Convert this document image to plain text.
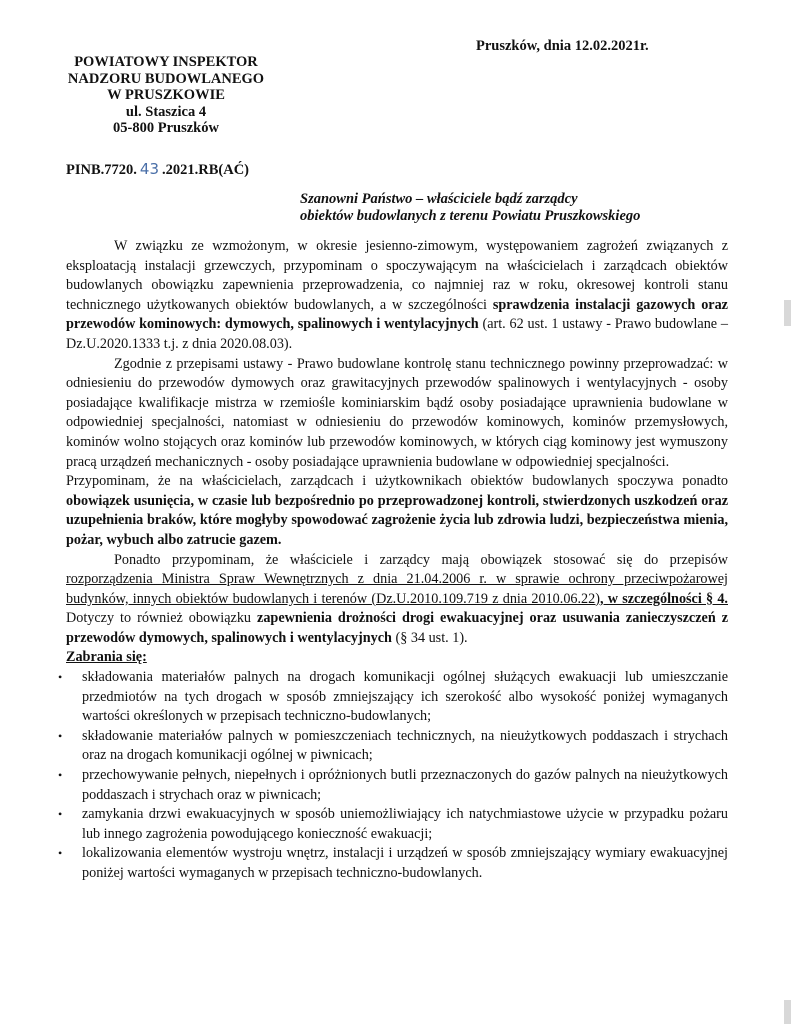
Pruszków, dnia 12.02.2021r.
POWIATOWY INSPEKTOR
NADZORU BUDOWLANEGO
W PRUSZKOWIE
ul. Staszica 4
05-800 Pruszków
PINB.7720. 43 .2021.RB(AĆ)
Szanowni Państwo – właściciele bądź zarządcy
obiektów budowlanych z terenu Powiatu Pruszkowskiego

W związku ze wzmożonym, w okresie jesienno-zimowym, występowaniem zagrożeń związanych z eksploatacją instalacji grzewczych, przypominam o spoczywającym na właścicielach i zarządcach obiektów budowlanych obowiązku zapewnienia przeprowadzenia, co najmniej raz w roku, okresowej kontroli stanu technicznego użytkowanych obiektów budowlanych, a w szczególności sprawdzenia instalacji gazowych oraz przewodów kominowych: dymowych, spalinowych i wentylacyjnych (art. 62 ust. 1 ustawy - Prawo budowlane – Dz.U.2020.1333 t.j. z dnia 2020.08.03).

Zgodnie z przepisami ustawy - Prawo budowlane kontrolę stanu technicznego powinny przeprowadzać: w odniesieniu do przewodów dymowych oraz grawitacyjnych przewodów spalinowych i wentylacyjnych - osoby posiadające kwalifikacje mistrza w rzemiośle kominiarskim bądź osoby posiadające uprawnienia budowlane w odpowiedniej specjalności, natomiast w odniesieniu do przewodów kominowych, kominów przemysłowych, kominów wolno stojących oraz kominów lub przewodów kominowych, w których ciąg kominowy jest wymuszony pracą urządzeń mechanicznych - osoby posiadające uprawnienia budowlane w odpowiedniej specjalności.

Przypominam, że na właścicielach, zarządcach i użytkownikach obiektów budowlanych spoczywa ponadto obowiązek usunięcia, w czasie lub bezpośrednio po przeprowadzonej kontroli, stwierdzonych uszkodzeń oraz uzupełnienia braków, które mogłyby spowodować zagrożenie życia lub zdrowia ludzi, bezpieczeństwa mienia, pożar, wybuch albo zatrucie gazem.

Ponadto przypominam, że właściciele i zarządcy mają obowiązek stosować się do przepisów rozporządzenia Ministra Spraw Wewnętrznych z dnia 21.04.2006 r. w sprawie ochrony przeciwpożarowej budynków, innych obiektów budowlanych i terenów (Dz.U.2010.109.719 z dnia 2010.06.22), w szczególności § 4. Dotyczy to również obowiązku zapewnienia drożności drogi ewakuacyjnej oraz usuwania zanieczyszczeń z przewodów dymowych, spalinowych i wentylacyjnych (§ 34 ust. 1).

Zabrania się:

• składowania materiałów palnych na drogach komunikacji ogólnej służących ewakuacji lub umieszczanie przedmiotów na tych drogach w sposób zmniejszający ich szerokość albo wysokość poniżej wymaganych wartości określonych w przepisach techniczno-budowlanych;
• składowanie materiałów palnych w pomieszczeniach technicznych, na nieużytkowych poddaszach i strychach oraz na drogach komunikacji ogólnej w piwnicach;
• przechowywanie pełnych, niepełnych i opróżnionych butli przeznaczonych do gazów palnych na nieużytkowych poddaszach i strychach oraz w piwnicach;
• zamykania drzwi ewakuacyjnych w sposób uniemożliwiający ich natychmiastowe użycie w przypadku pożaru lub innego zagrożenia powodującego konieczność ewakuacji;
• lokalizowania elementów wystroju wnętrz, instalacji i urządzeń w sposób zmniejszający wymiary ewakuacyjnej poniżej wartości wymaganych w przepisach techniczno-budowlanych.
